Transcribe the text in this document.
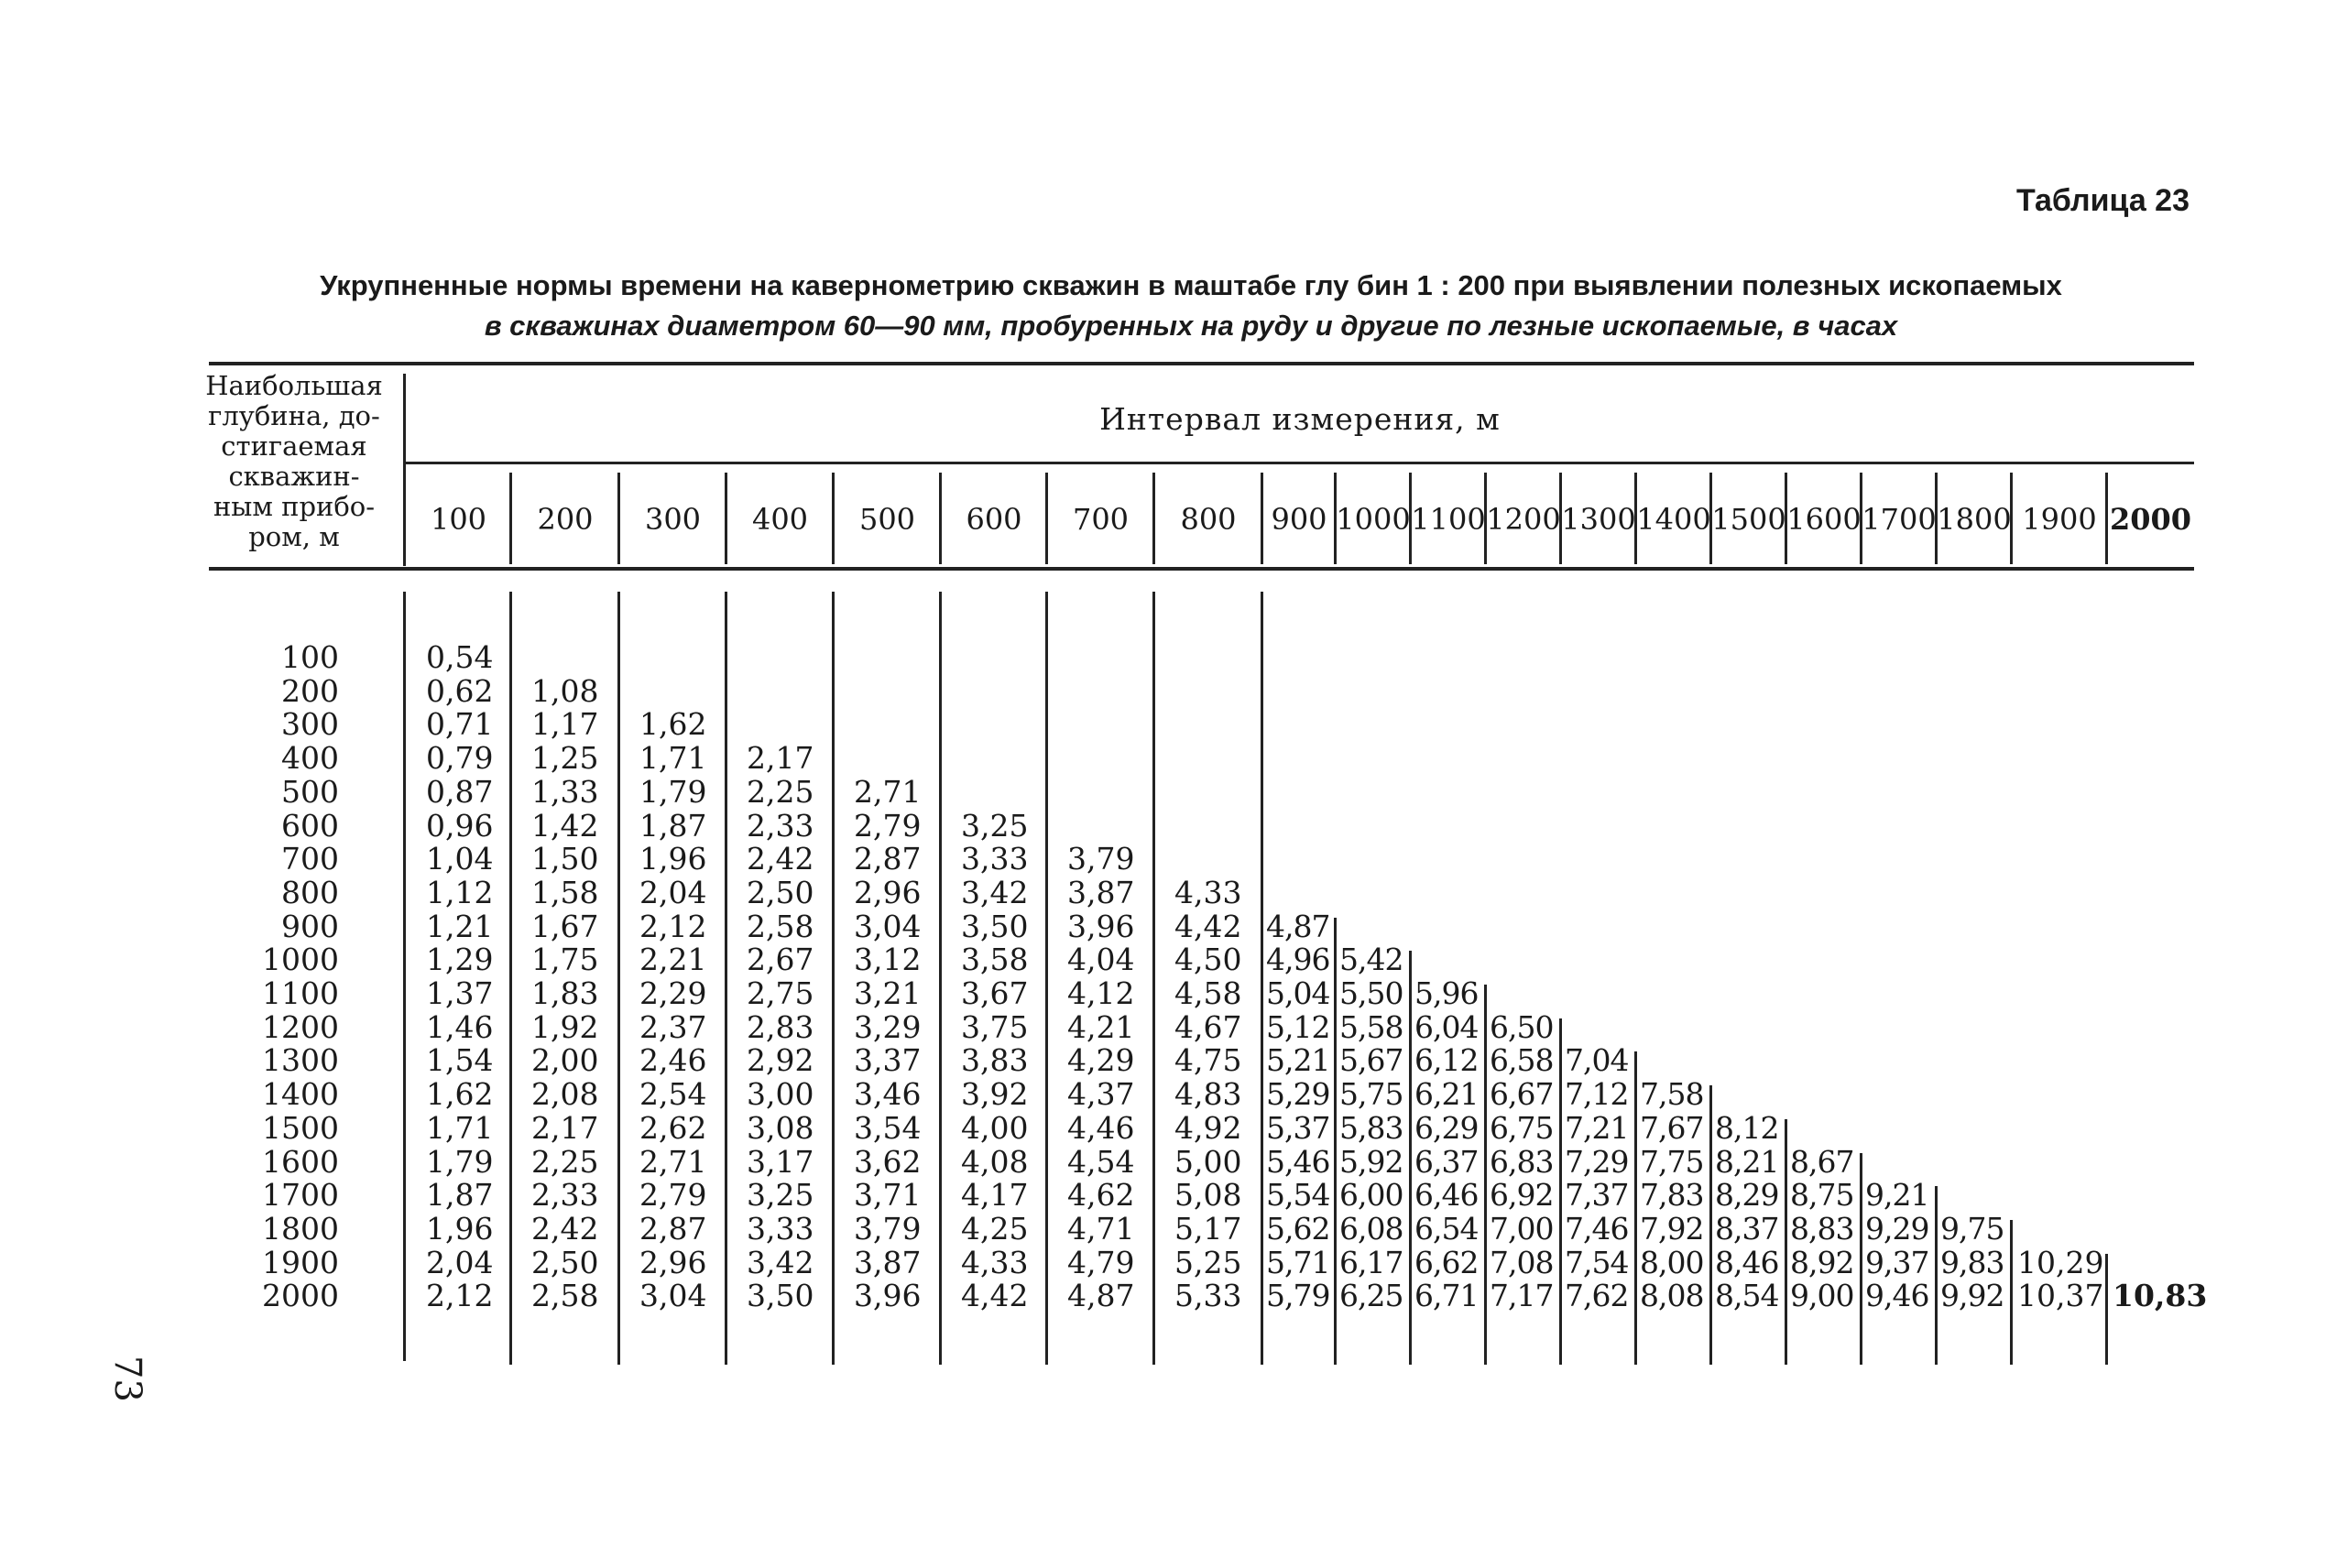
Таблица 23
Укрупненные нормы времени на кавернометрию скважин в маштабе глу бин 1 : 200 при выявлении полезных ископаемых
в скважинах диаметром 60—90 мм, пробуренных на руду и другие по лезные ископаемые, в часах
73
Наибольшая
глубина, до-
стигаемая
скважин-
ным прибо-
ром, м
Интервал измерения, м
100	200	300	400	500	600	700	800	900 1000 1100 1200 1300 1400 1500 1600 1700 1800 1900 2000
100	0,54
200	0,62 1,08
300	0,71 1,17 1,62
400	0,79 1,25 1,71 2,17
500	0,87 1,33 1,79 2,25 2,71
600	0,96 1,42 1,87 2,33 2,79 3,25
700	1,04 1,50 1,96 2,42 2,87 3,33 3,79
800	1,12 1,58 2,04 2,50 2,96 3,42 3,87 4,33
900	1,21 1,67 2,12 2,58 3,04 3,50 3,96 4,42 4,87
1000	1,29 1,75 2,21 2,67 3,12 3,58 4,04 4,50 4,96 5,42
1100	1,37 1,83 2,29 2,75 3,21 3,67 4,12 4,58 5,04 5,50 5,96
1200	1,46 1,92 2,37 2,83 3,29 3,75 4,21 4,67 5,12 5,58 6,04 6,50
1300	1,54 2,00 2,46 2,92 3,37 3,83 4,29 4,75 5,21 5,67 6,12 6,58 7,04
1400	1,62 2,08 2,54 3,00 3,46 3,92 4,37 4,83 5,29 5,75 6,21 6,67 7,12 7,58
1500	1,71 2,17 2,62 3,08 3,54 4,00 4,46 4,92 5,37 5,83 6,29 6,75 7,21 7,67 8,12
1600	1,79 2,25 2,71 3,17 3,62 4,08 4,54 5,00 5,46 5,92 6,37 6,83 7,29 7,75 8,21 8,67
1700	1,87 2,33 2,79 3,25 3,71 4,17 4,62 5,08 5,54 6,00 6,46 6,92 7,37 7,83 8,29 8,75 9,21
1800	1,96 2,42 2,87 3,33 3,79 4,25 4,71 5,17 5,62 6,08 6,54 7,00 7,46 7,92 8,37 8,83 9,29 9,75
1900	2,04 2,50 2,96 3,42 3,87 4,33 4,79 5,25 5,71 6,17 6,62 7,08 7,54 8,00 8,46 8,92 9,37 9,83 10,29
2000	2,12 2,58 3,04 3,50 3,96 4,42 4,87 5,33 5,79 6,25 6,71 7,17 7,62 8,08 8,54 9,00 9,46 9,92 10,37 10,83
